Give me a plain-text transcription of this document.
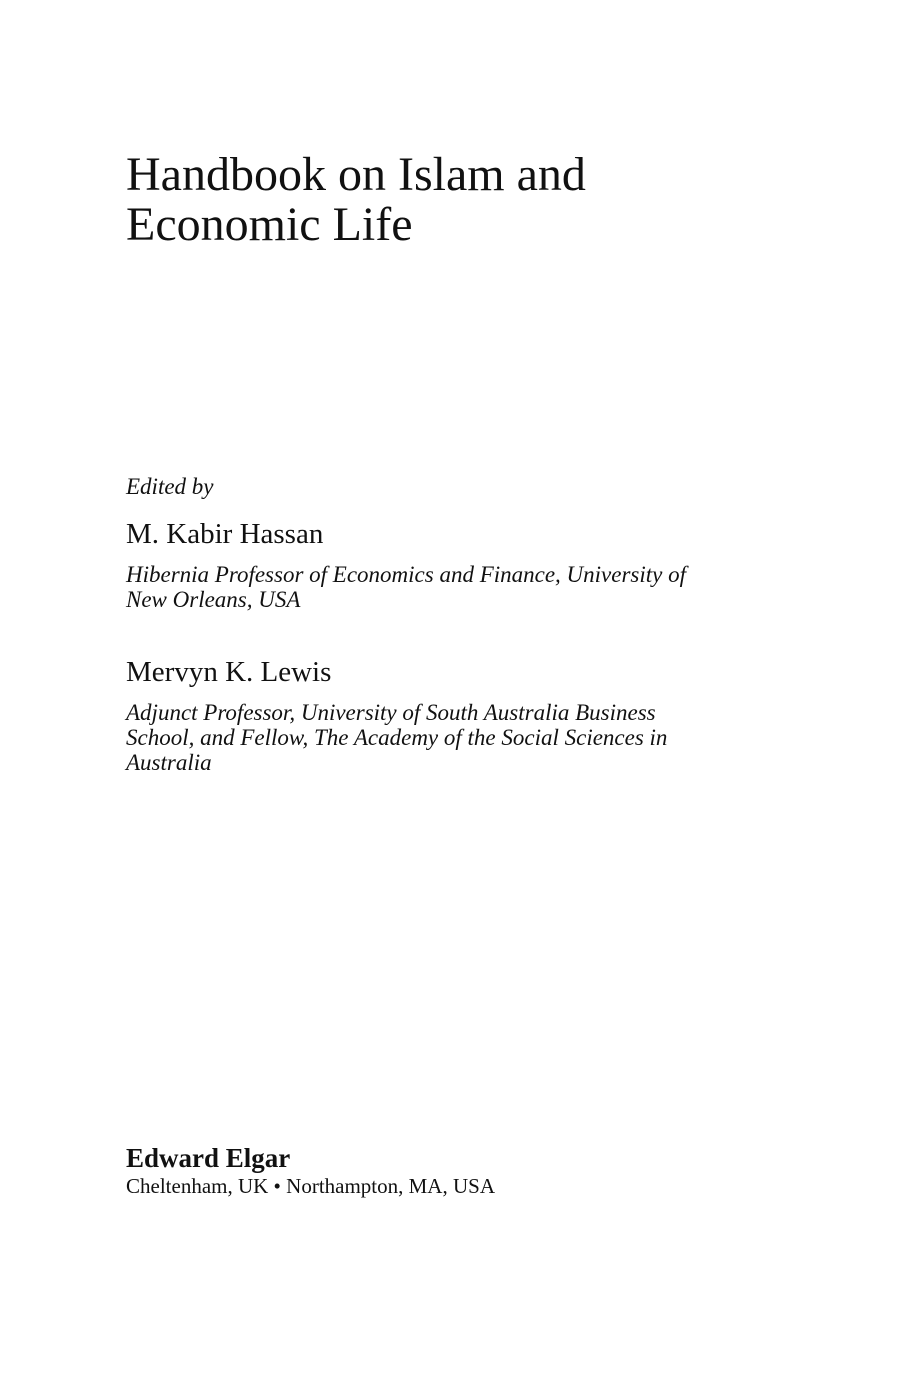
Handbook on Islam and
Economic Life

Edited by

M. Kabir Hassan

Hibernia Professor of Economics and Finance, University of
New Orleans, USA

Mervyn K. Lewis

Adjunct Professor, University of South Australia Business
School, and Fellow, The Academy of the Social Sciences in
Australia

Edward Elgar

Cheltenham, UK • Northampton, MA, USA
